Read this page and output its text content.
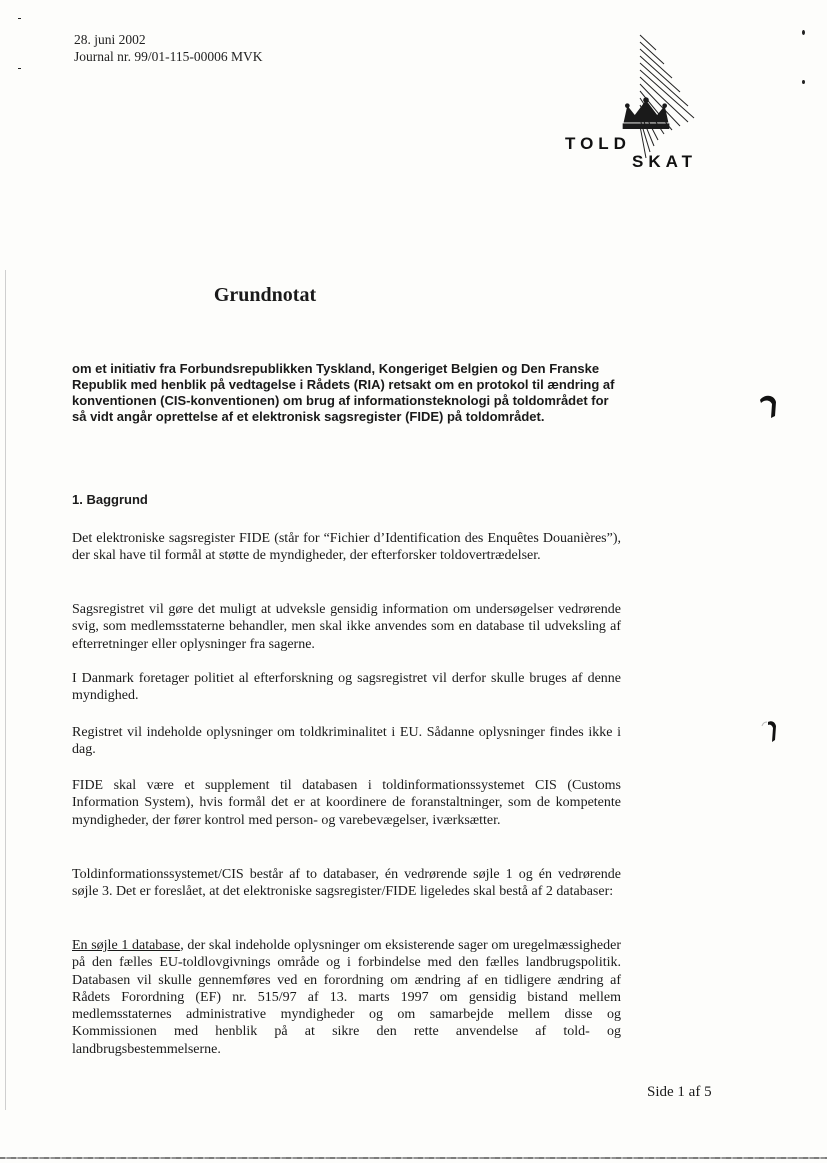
28. juni 2002
Journal nr. 99/01-115-00006 MVK
TOLD
SKAT
Grundnotat
om et initiativ fra Forbundsrepublikken Tyskland, Kongeriget Belgien og Den Franske Republik med henblik på vedtagelse i Rådets (RIA) retsakt om en protokol til ændring af konventionen (CIS-konventionen) om brug af informationsteknologi på toldområdet for så vidt angår oprettelse af et elektronisk sagsregister (FIDE) på toldområdet.
1. Baggrund
Det elektroniske sagsregister FIDE (står for “Fichier d’Identification des Enquêtes Douanières”), der skal have til formål at støtte de myndigheder, der efterforsker toldovertrædelser.
Sagsregistret vil gøre det muligt at udveksle gensidig information om undersøgelser vedrørende svig, som medlemsstaterne behandler, men skal ikke anvendes som en database til udveksling af efterretninger eller oplysninger fra sagerne.
I Danmark foretager politiet al efterforskning og sagsregistret vil derfor skulle bruges af denne myndighed.
Registret vil indeholde oplysninger om toldkriminalitet i EU. Sådanne oplysninger findes ikke i dag.
FIDE skal være et supplement til databasen i toldinformationssystemet CIS (Customs Information System), hvis formål det er at koordinere de foranstaltninger, som de kompetente myndigheder, der fører kontrol med person- og varebevægelser, iværksætter.
Toldinformationssystemet/CIS består af to databaser, én vedrørende søjle 1 og én vedrørende søjle 3. Det er foreslået, at det elektroniske sagsregister/FIDE ligeledes skal bestå af 2 databaser:
En søjle 1 database, der skal indeholde oplysninger om eksisterende sager om uregelmæssigheder på den fælles EU-toldlovgivnings område og i forbindelse med den fælles landbrugspolitik. Databasen vil skulle gennemføres ved en forordning om ændring af en tidligere ændring af Rådets Forordning (EF) nr. 515/97 af 13. marts 1997 om gensidig bistand mellem medlemsstaternes administrative myndigheder og om samarbejde mellem disse og Kommissionen med henblik på at sikre den rette anvendelse af told- og landbrugsbestemmelserne.
Side 1 af 5
